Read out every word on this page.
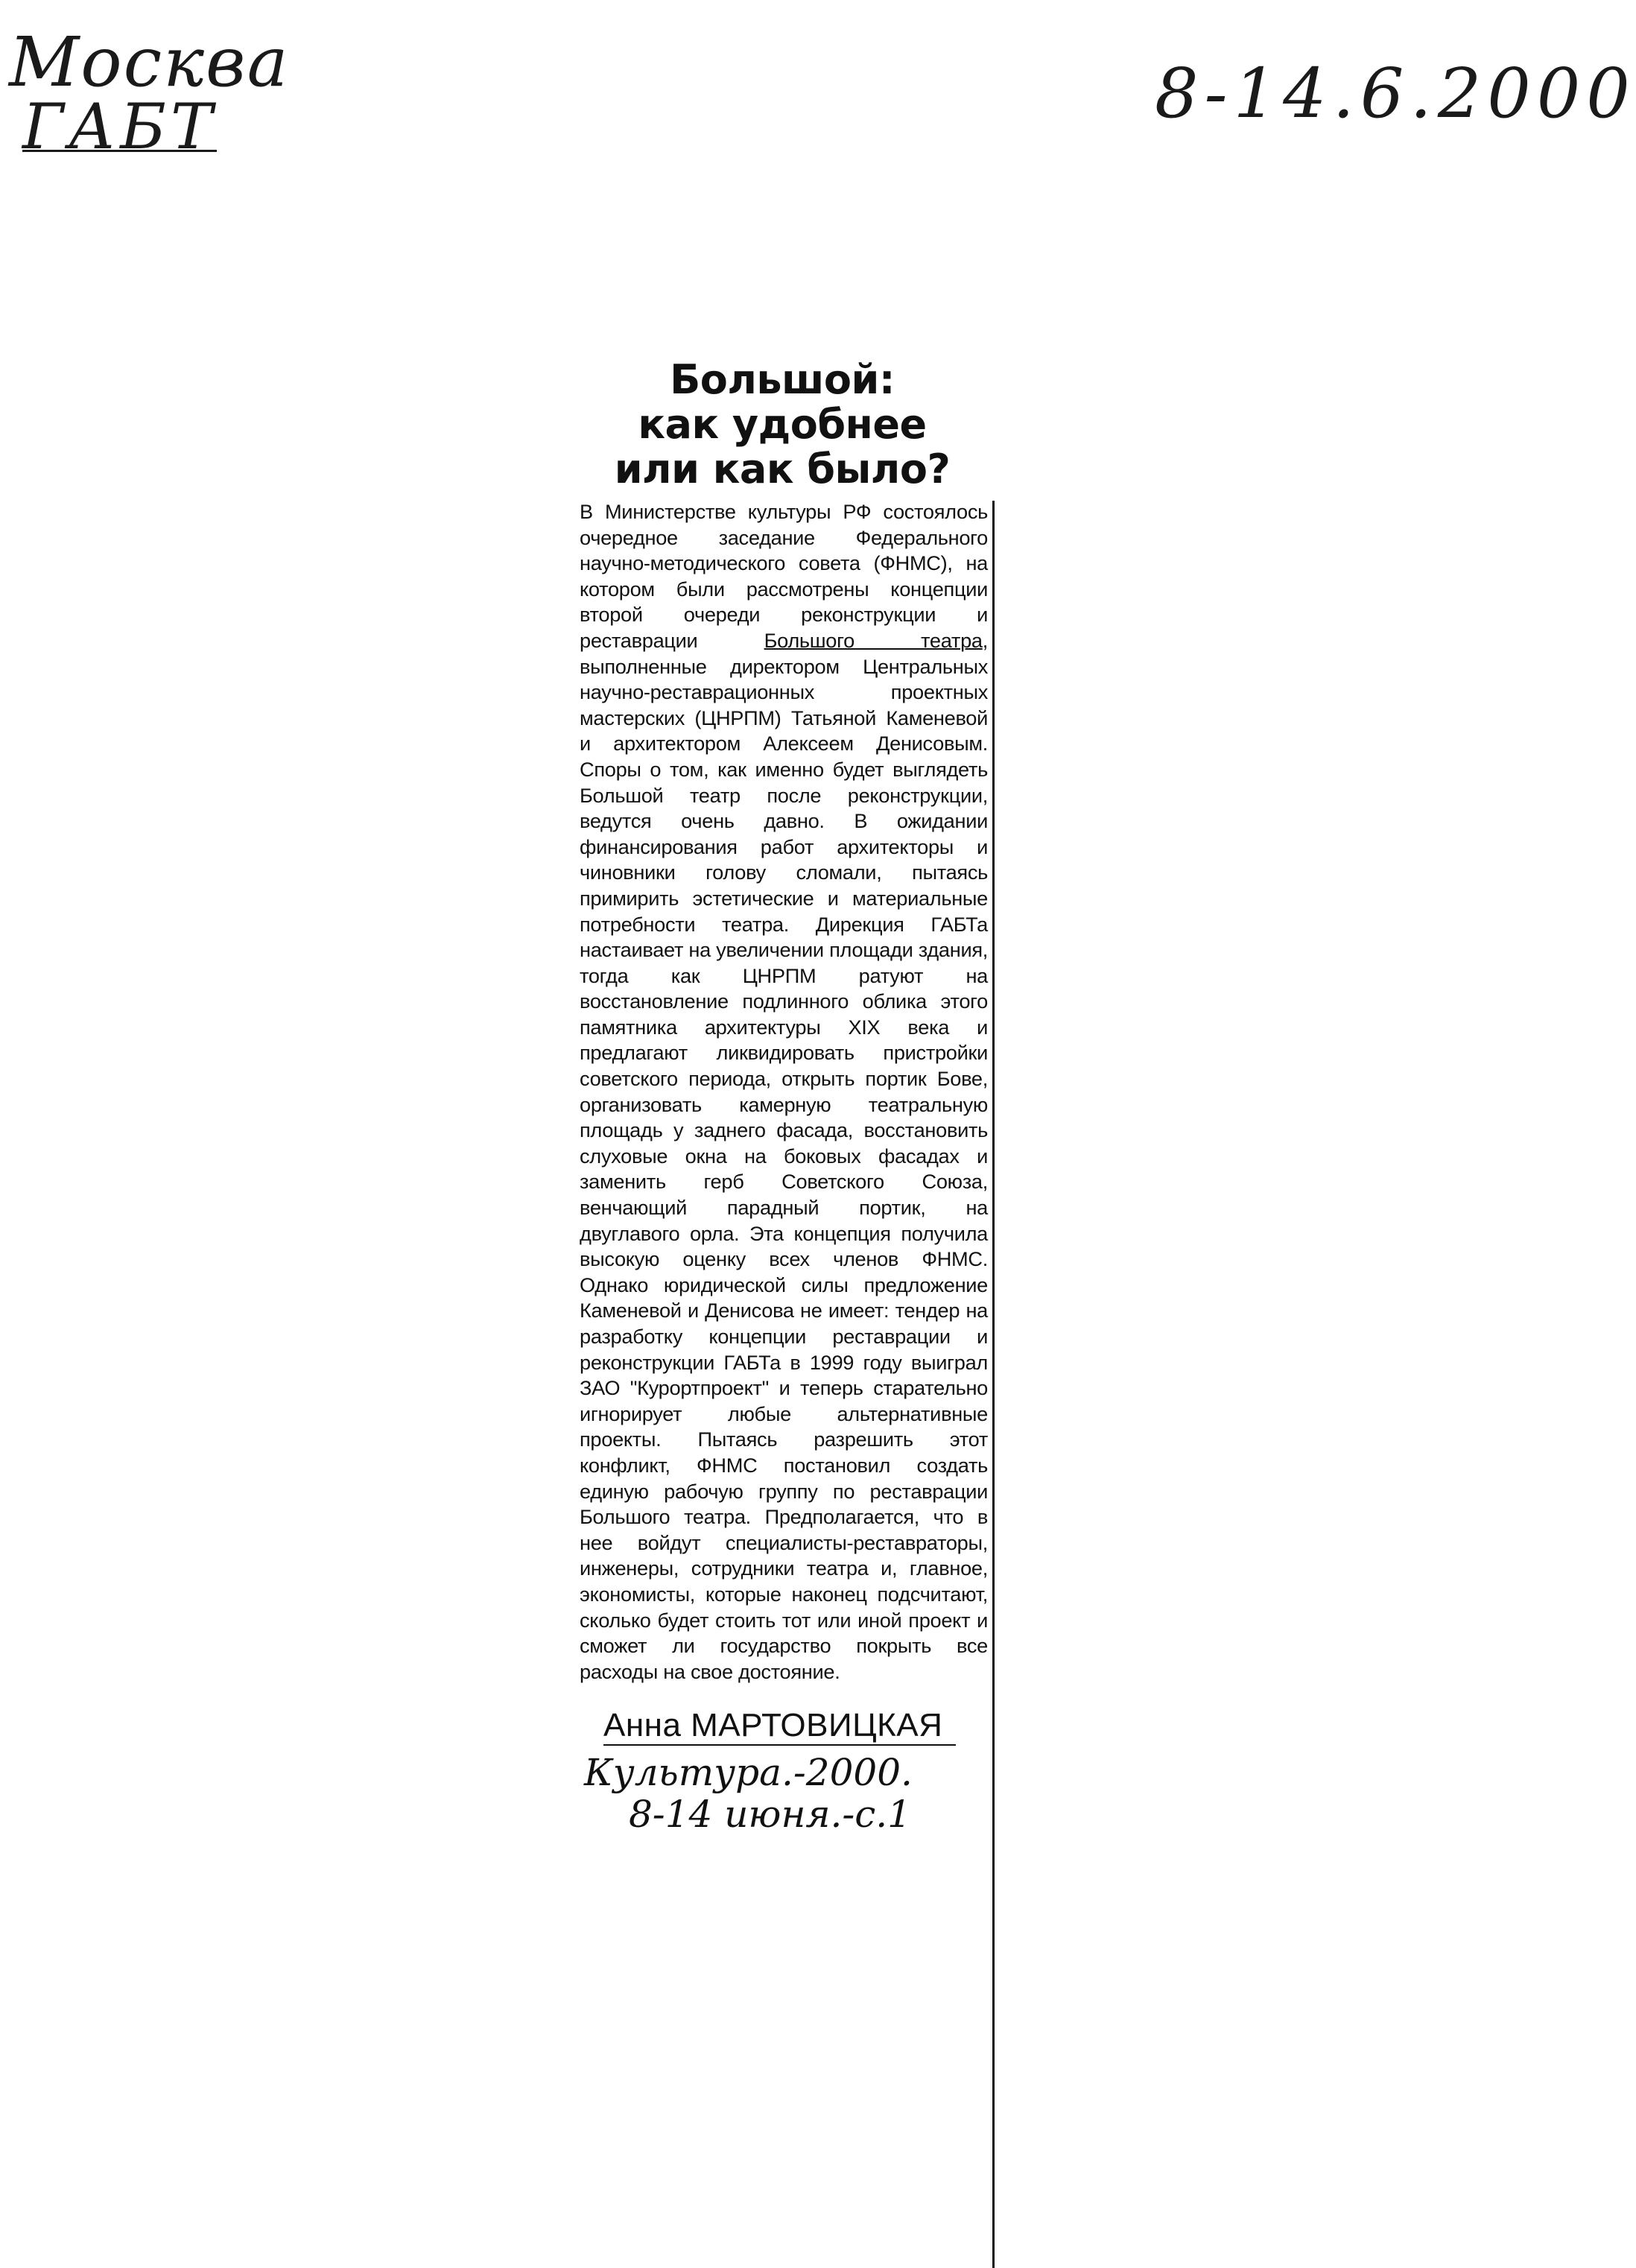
Москва
ГАБТ	8-14.6.2000
Большой:
как удобнее
или как было?

В Министерстве культуры РФ состоялось очередное заседание Федерального научно-методического совета (ФНМС), на котором были рассмотрены концепции второй очереди реконструкции и реставрации Большого театра, выполненные директором Центральных научно-реставрационных проектных мастерских (ЦНРПМ) Татьяной Каменевой и архитектором Алексеем Денисовым. Споры о том, как именно будет выглядеть Большой театр после реконструкции, ведутся очень давно. В ожидании финансирования работ архитекторы и чиновники голову сломали, пытаясь примирить эстетические и материальные потребности театра. Дирекция ГАБТа настаивает на увеличении площади здания, тогда как ЦНРПМ ратуют на восстановление подлинного облика этого памятника архитектуры XIX века и предлагают ликвидировать пристройки советского периода, открыть портик Бове, организовать камерную театральную площадь у заднего фасада, восстановить слуховые окна на боковых фасадах и заменить герб Советского Союза, венчающий парадный портик, на двуглавого орла. Эта концепция получила высокую оценку всех членов ФНМС. Однако юридической силы предложение Каменевой и Денисова не имеет: тендер на разработку концепции реставрации и реконструкции ГАБТа в 1999 году выиграл ЗАО "Курортпроект" и теперь старательно игнорирует любые альтернативные проекты. Пытаясь разрешить этот конфликт, ФНМС постановил создать единую рабочую группу по реставрации Большого театра. Предполагается, что в нее войдут специалисты-реставраторы, инженеры, сотрудники театра и, главное, экономисты, которые наконец подсчитают, сколько будет стоить тот или иной проект и сможет ли государство покрыть все расходы на свое достояние.

Анна МАРТОВИЦКАЯ
Культура.-2000.
8-14 июня.-с.1
